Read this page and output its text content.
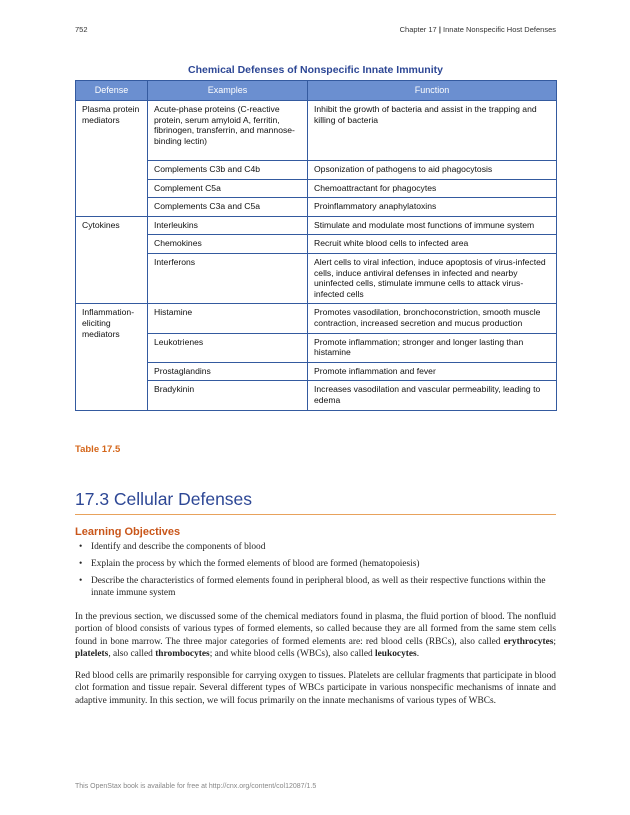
752	Chapter 17 | Innate Nonspecific Host Defenses
Chemical Defenses of Nonspecific Innate Immunity
Defense	Examples	Function
Plasma protein mediators	Acute-phase proteins (C-reactive protein, serum amyloid A, ferritin, fibrinogen, transferrin, and mannose-binding lectin)	Inhibit the growth of bacteria and assist in the trapping and killing of bacteria
	Complements C3b and C4b	Opsonization of pathogens to aid phagocytosis
	Complement C5a	Chemoattractant for phagocytes
	Complements C3a and C5a	Proinflammatory anaphylatoxins
Cytokines	Interleukins	Stimulate and modulate most functions of immune system
	Chemokines	Recruit white blood cells to infected area
	Interferons	Alert cells to viral infection, induce apoptosis of virus-infected cells, induce antiviral defenses in infected and nearby uninfected cells, stimulate immune cells to attack virus-infected cells
Inflammation-eliciting mediators	Histamine	Promotes vasodilation, bronchoconstriction, smooth muscle contraction, increased secretion and mucus production
	Leukotrienes	Promote inflammation; stronger and longer lasting than histamine
	Prostaglandins	Promote inflammation and fever
	Bradykinin	Increases vasodilation and vascular permeability, leading to edema
Table 17.5
17.3 Cellular Defenses
Learning Objectives
• Identify and describe the components of blood
• Explain the process by which the formed elements of blood are formed (hematopoiesis)
• Describe the characteristics of formed elements found in peripheral blood, as well as their respective functions within the innate immune system

In the previous section, we discussed some of the chemical mediators found in plasma, the fluid portion of blood. The nonfluid portion of blood consists of various types of formed elements, so called because they are all formed from the same stem cells found in bone marrow. The three major categories of formed elements are: red blood cells (RBCs), also called erythrocytes; platelets, also called thrombocytes; and white blood cells (WBCs), also called leukocytes.

Red blood cells are primarily responsible for carrying oxygen to tissues. Platelets are cellular fragments that participate in blood clot formation and tissue repair. Several different types of WBCs participate in various nonspecific mechanisms of innate and adaptive immunity. In this section, we will focus primarily on the innate mechanisms of various types of WBCs.

This OpenStax book is available for free at http://cnx.org/content/col12087/1.5
